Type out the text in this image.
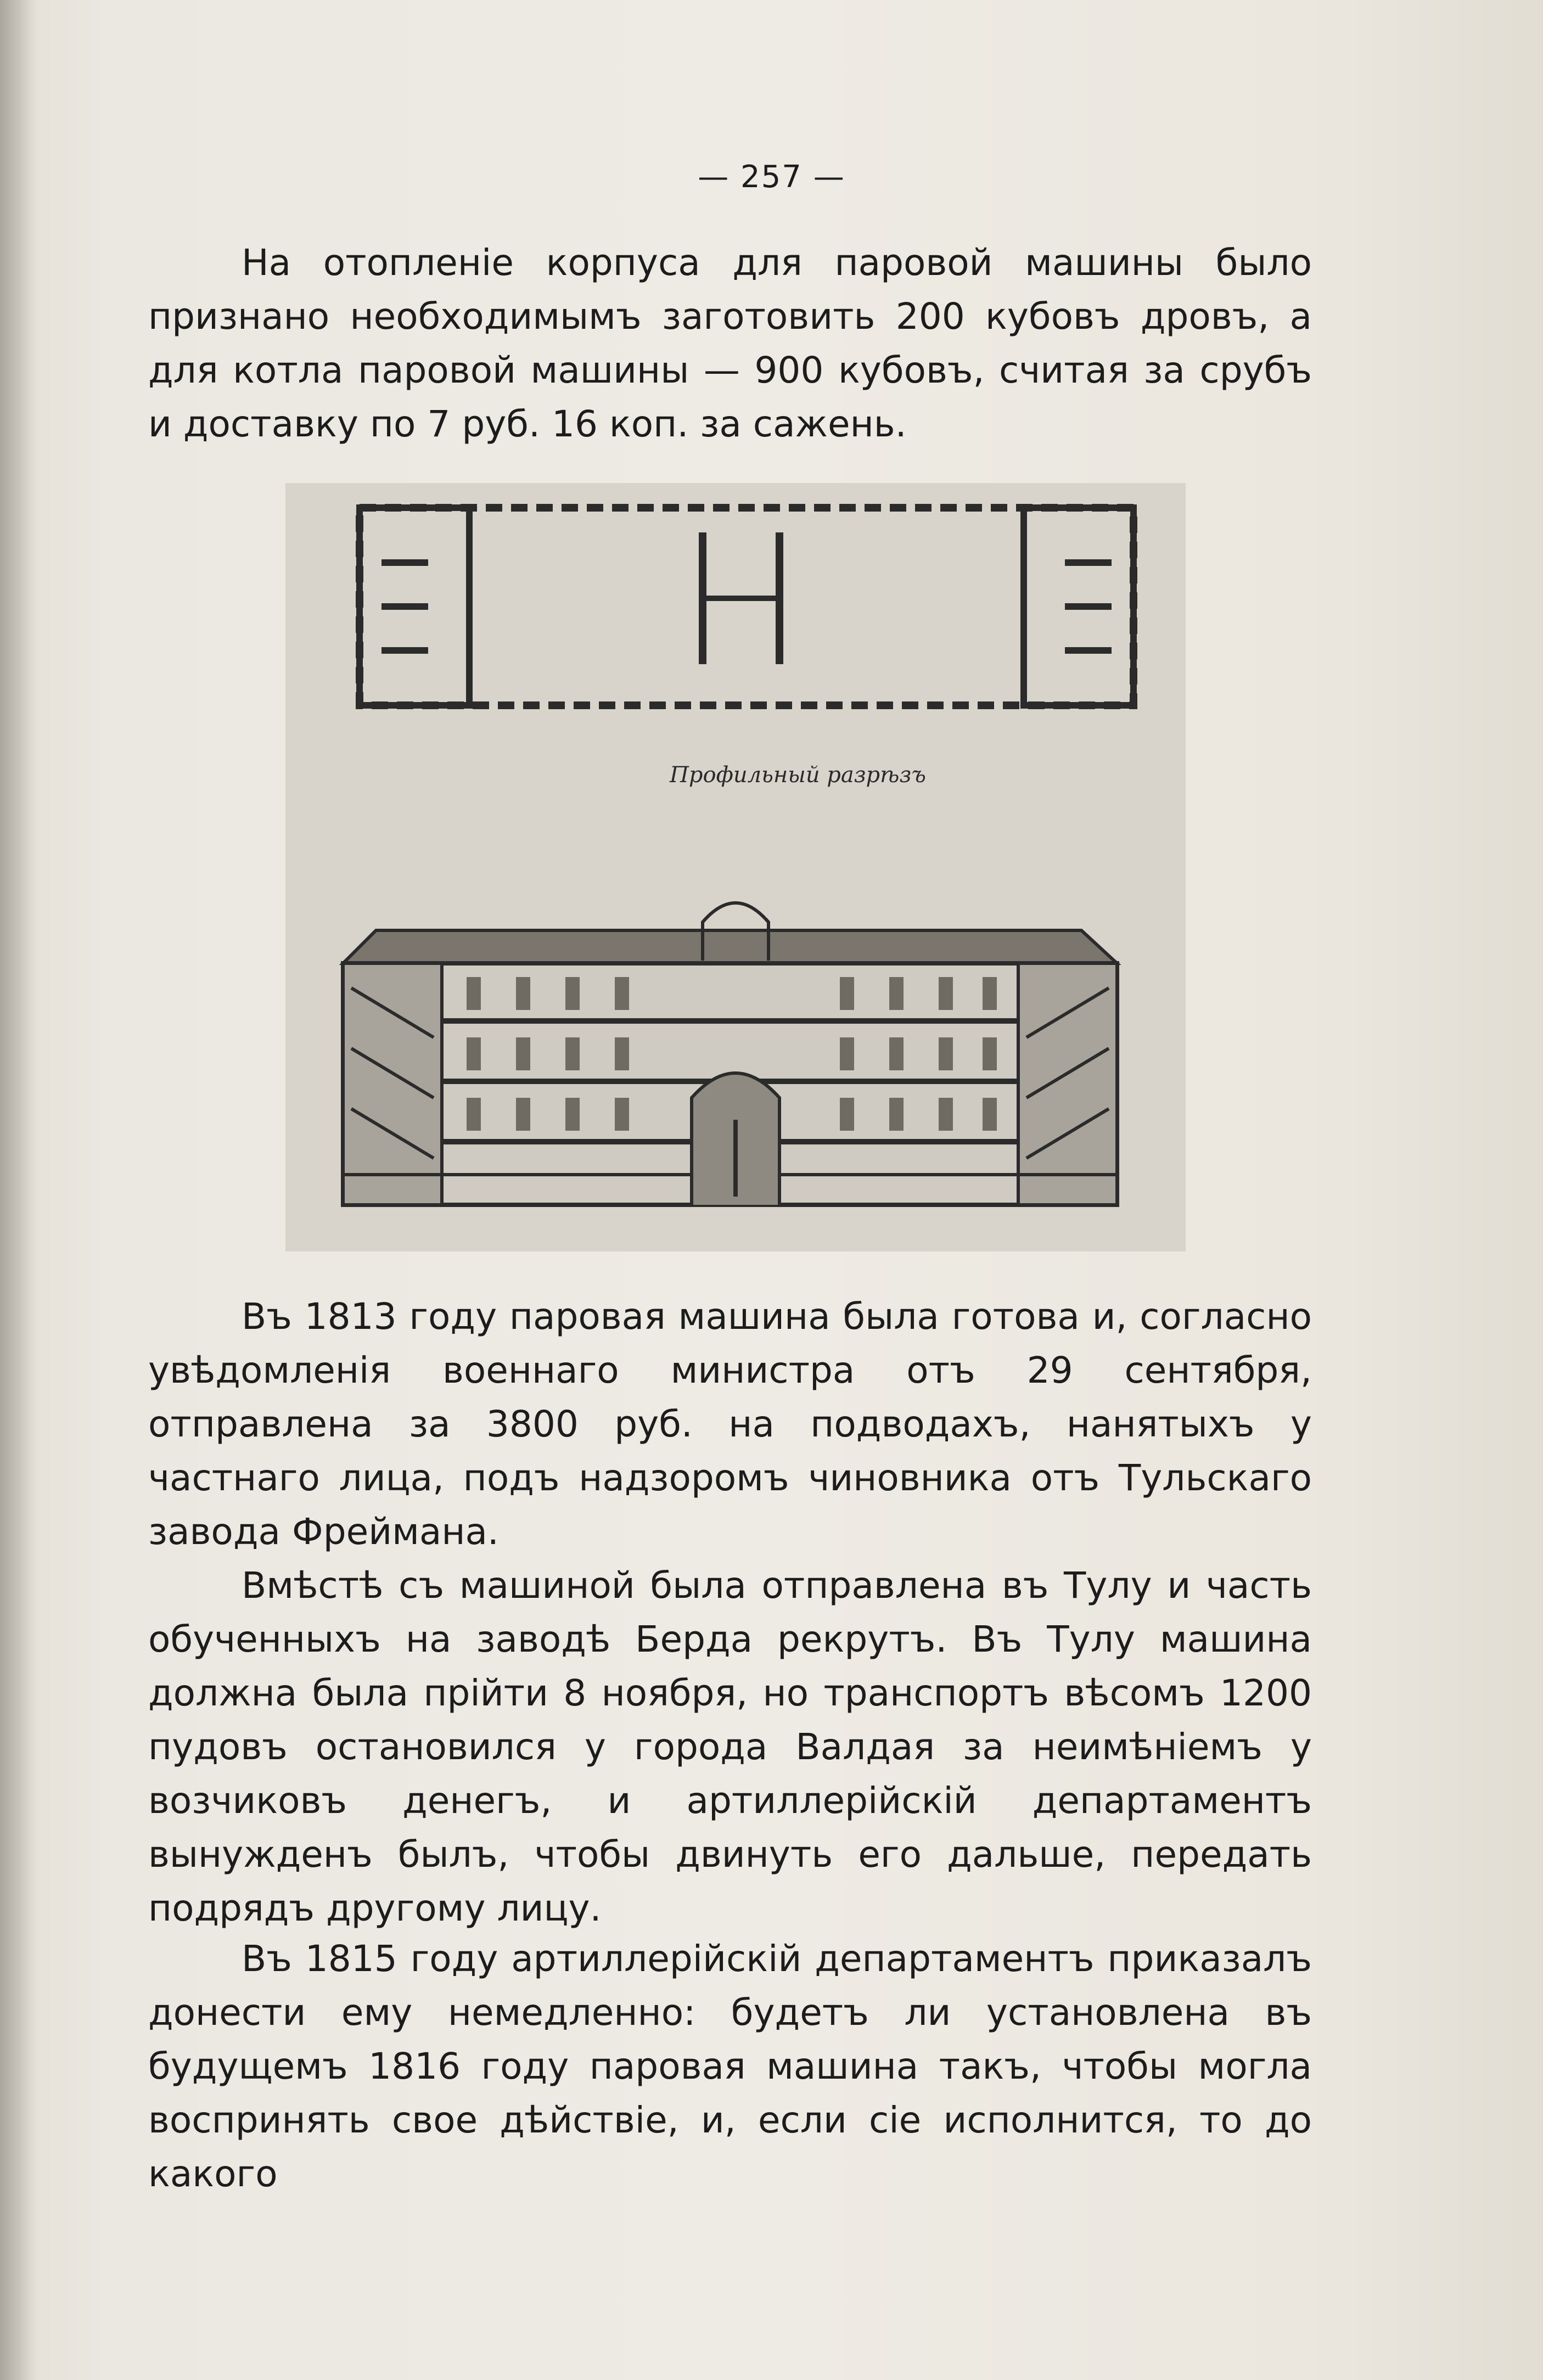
— 257 —

На отопленіе корпуса для паровой машины было признано необходимымъ заготовить 200 кубовъ дровъ, а для котла паровой машины — 900 кубовъ, считая за срубъ и доставку по 7 руб. 16 коп. за сажень.

Профильный разрѣзъ

Въ 1813 году паровая машина была готова и, согласно увѣдомленія военнаго министра отъ 29 сентября, отправлена за 3800 руб. на подводахъ, нанятыхъ у частнаго лица, подъ надзоромъ чиновника отъ Тульскаго завода Фреймана.

Вмѣстѣ съ машиной была отправлена въ Тулу и часть обученныхъ на заводѣ Берда рекрутъ. Въ Тулу машина должна была прійти 8 ноября, но транспортъ вѣсомъ 1200 пудовъ остановился у города Валдая за неимѣніемъ у возчиковъ денегъ, и артиллерійскій департаментъ вынужденъ былъ, чтобы двинуть его дальше, передать подрядъ другому лицу.

Въ 1815 году артиллерійскій департаментъ приказалъ донести ему немедленно: будетъ ли установлена въ будущемъ 1816 году паровая машина такъ, чтобы могла воспринять свое дѣйствіе, и, если сіе исполнится, то до какого
